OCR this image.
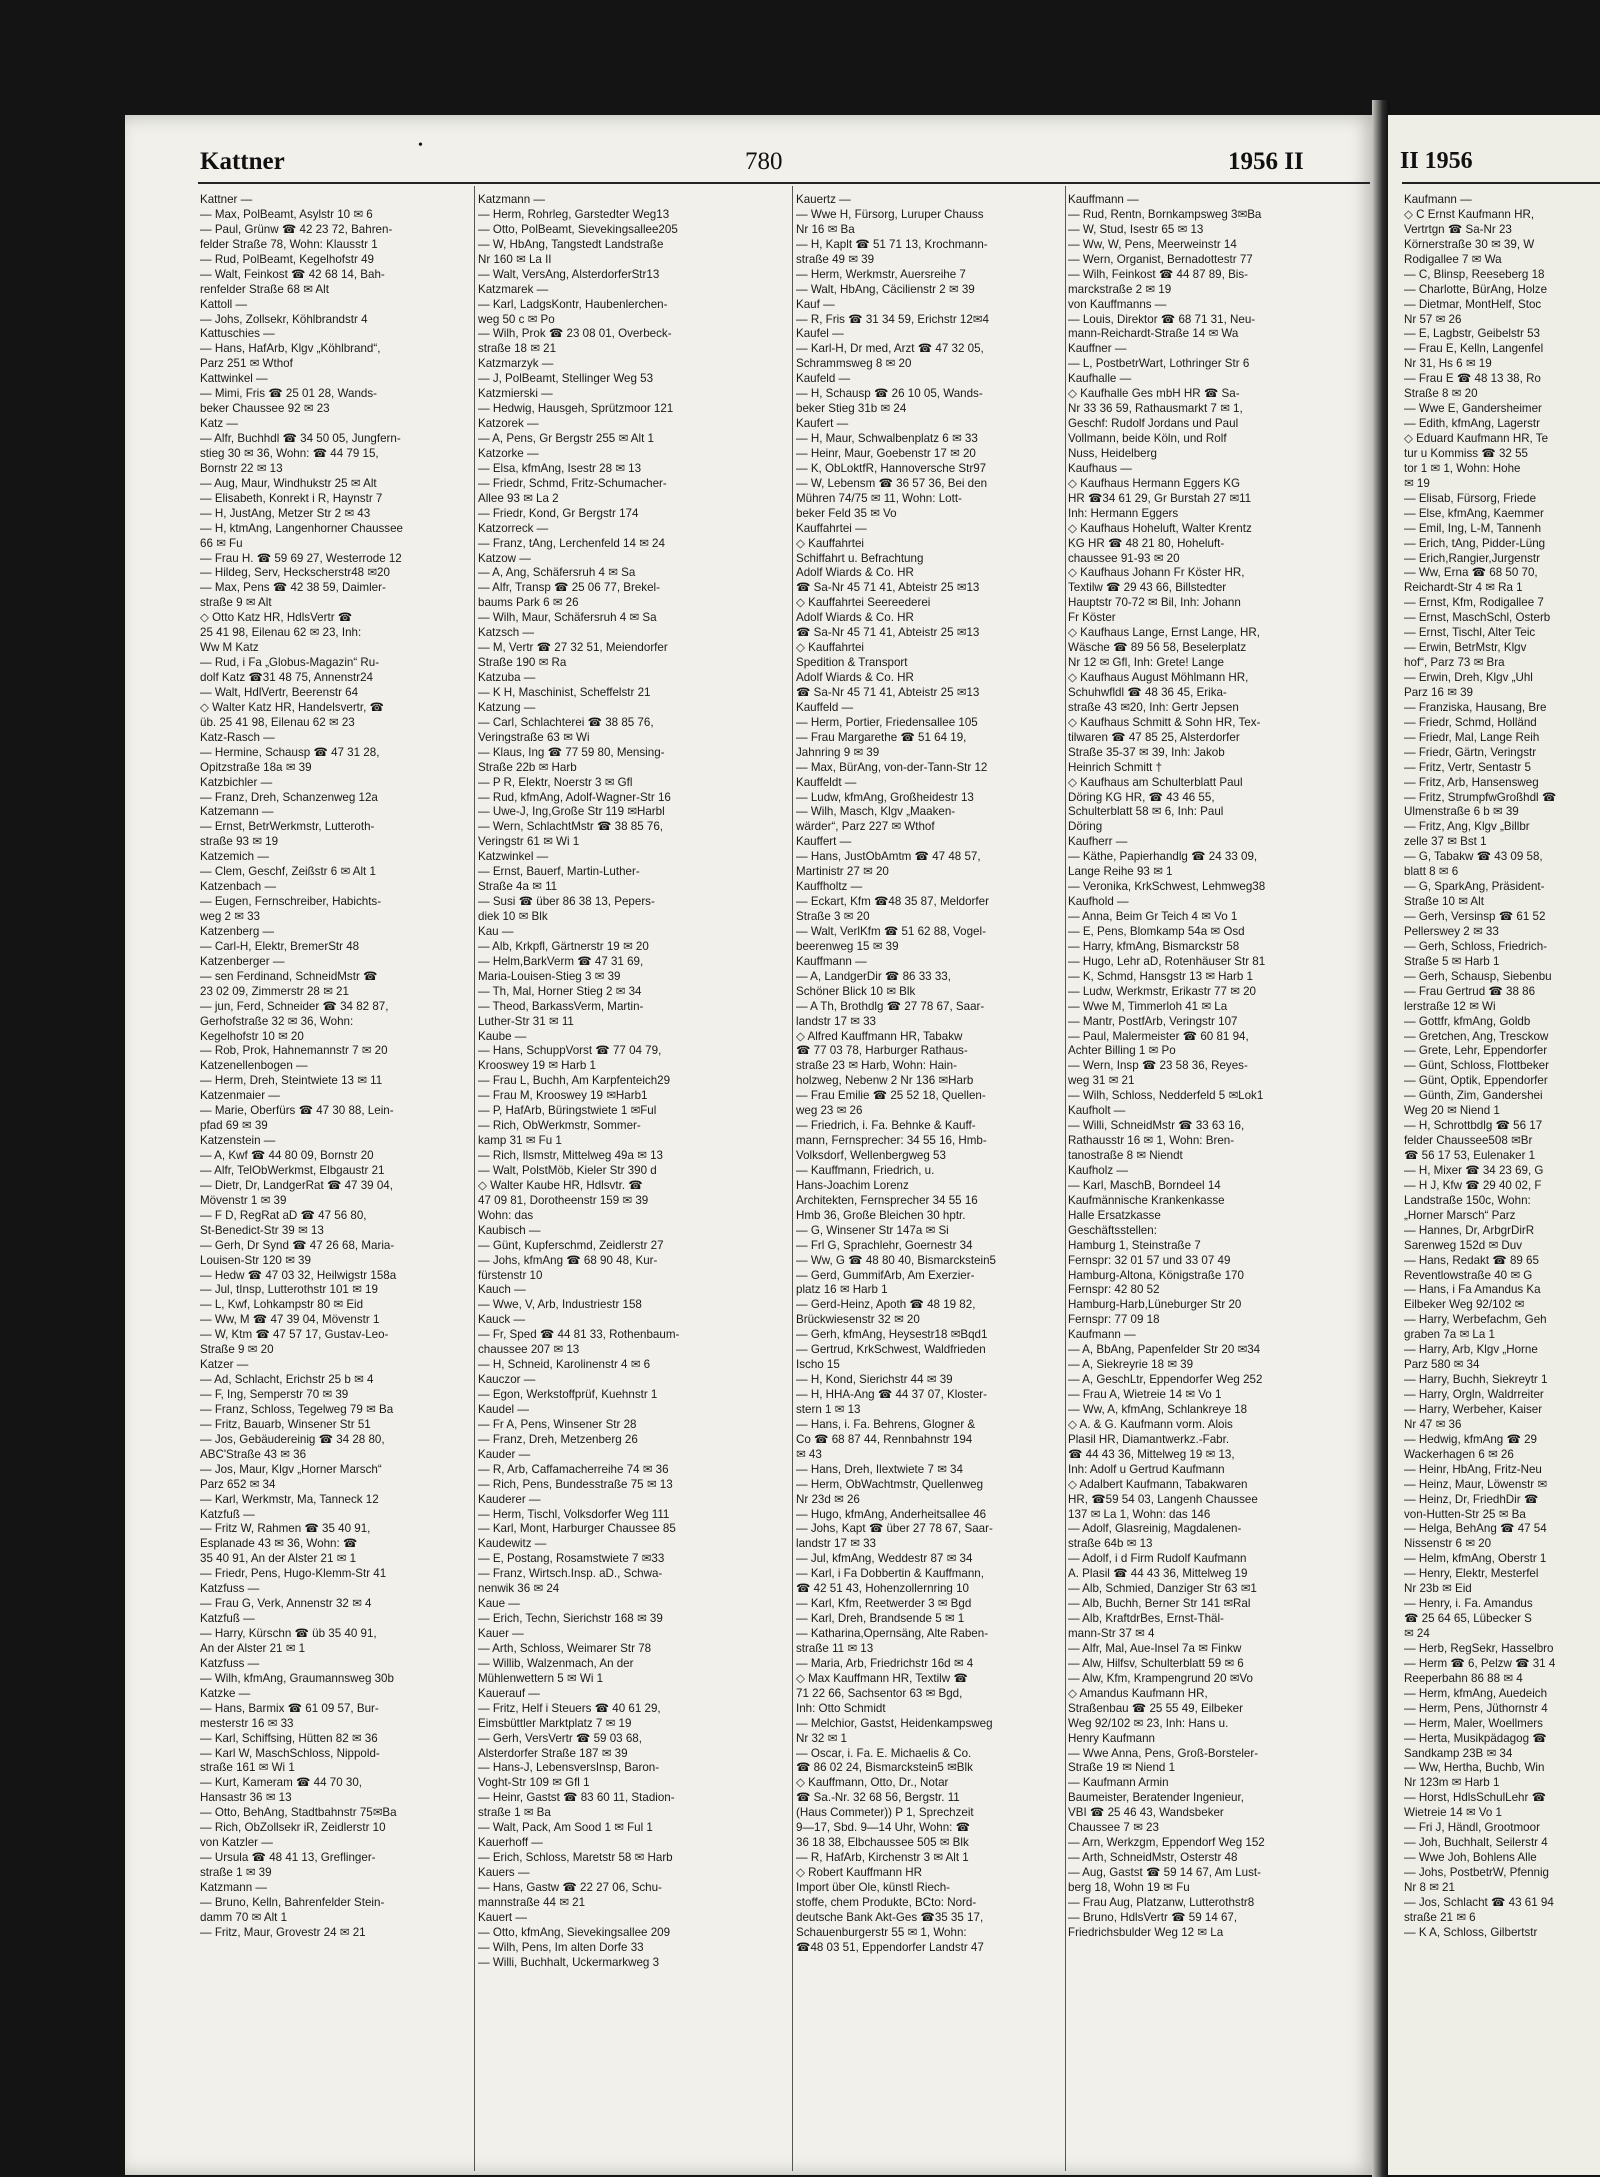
Kattner
•
780	1956 II	II 1956
Kattner —
— Max, PolBeamt, Asylstr 10 ✉ 6
— Paul, Grünw ☎ 42 23 72, Bahren-
felder Straße 78, Wohn: Klausstr 1
— Rud, PolBeamt, Kegelhofstr 49
— Walt, Feinkost ☎ 42 68 14, Bah-
renfelder Straße 68 ✉ Alt
Kattoll —
— Johs, Zollsekr, Köhlbrandstr 4
Kattuschies —
— Hans, HafArb, Klgv „Köhlbrand“,
Parz 251 ✉ Wthof
Kattwinkel —
— Mimi, Fris ☎ 25 01 28, Wands-
beker Chaussee 92 ✉ 23
Katz —
— Alfr, Buchhdl ☎ 34 50 05, Jungfern-
stieg 30 ✉ 36, Wohn: ☎ 44 79 15,
Bornstr 22 ✉ 13
— Aug, Maur, Windhukstr 25 ✉ Alt
— Elisabeth, Konrekt i R, Haynstr 7
— H, JustAng, Metzer Str 2 ✉ 43
— H, ktmAng, Langenhorner Chaussee
66 ✉ Fu
— Frau H. ☎ 59 69 27, Westerrode 12
— Hildeg, Serv, Heckscherstr48 ✉20
— Max, Pens ☎ 42 38 59, Daimler-
straße 9 ✉ Alt
◇ Otto Katz HR, HdlsVertr ☎
25 41 98, Eilenau 62 ✉ 23, Inh:
Ww M Katz
— Rud, i Fa „Globus-Magazin“ Ru-
dolf Katz ☎31 48 75, Annenstr24
— Walt, HdlVertr, Beerenstr 64
◇ Walter Katz HR, Handelsvertr, ☎
üb. 25 41 98, Eilenau 62 ✉ 23
Katz-Rasch —
— Hermine, Schausp ☎ 47 31 28,
Opitzstraße 18a ✉ 39
Katzbichler —
— Franz, Dreh, Schanzenweg 12a
Katzemann —
— Ernst, BetrWerkmstr, Lutteroth-
straße 93 ✉ 19
Katzemich —
— Clem, Geschf, Zeißstr 6 ✉ Alt 1
Katzenbach —
— Eugen, Fernschreiber, Habichts-
weg 2 ✉ 33
Katzenberg —
— Carl-H, Elektr, BremerStr 48
Katzenberger —
— sen Ferdinand, SchneidMstr ☎
23 02 09, Zimmerstr 28 ✉ 21
— jun, Ferd, Schneider ☎ 34 82 87,
Gerhofstraße 32 ✉ 36, Wohn:
Kegelhofstr 10 ✉ 20
— Rob, Prok, Hahnemannstr 7 ✉ 20
Katzenellenbogen —
— Herm, Dreh, Steintwiete 13 ✉ 11
Katzenmaier —
— Marie, Oberfürs ☎ 47 30 88, Lein-
pfad 69 ✉ 39
Katzenstein —
— A, Kwf ☎ 44 80 09, Bornstr 20
— Alfr, TelObWerkmst, Elbgaustr 21
— Dietr, Dr, LandgerRat ☎ 47 39 04,
Mövenstr 1 ✉ 39
— F D, RegRat aD ☎ 47 56 80,
St-Benedict-Str 39 ✉ 13
— Gerh, Dr Synd ☎ 47 26 68, Maria-
Louisen-Str 120 ✉ 39
— Hedw ☎ 47 03 32, Heilwigstr 158a
— Jul, tInsp, Lutterothstr 101 ✉ 19
— L, Kwf, Lohkampstr 80 ✉ Eid
— Ww, M ☎ 47 39 04, Mövenstr 1
— W, Ktm ☎ 47 57 17, Gustav-Leo-
Straße 9 ✉ 20
Katzer —
— Ad, Schlacht, Erichstr 25 b ✉ 4
— F, Ing, Semperstr 70 ✉ 39
— Franz, Schloss, Tegelweg 79 ✉ Ba
— Fritz, Bauarb, Winsener Str 51
— Jos, Gebäudereinig ☎ 34 28 80,
ABC'Straße 43 ✉ 36
— Jos, Maur, Klgv „Horner Marsch“
Parz 652 ✉ 34
— Karl, Werkmstr, Ma, Tanneck 12
Katzfuß —
— Fritz W, Rahmen ☎ 35 40 91,
Esplanade 43 ✉ 36, Wohn: ☎
35 40 91, An der Alster 21 ✉ 1
— Friedr, Pens, Hugo-Klemm-Str 41
Katzfuss —
— Frau G, Verk, Annenstr 32 ✉ 4
Katzfuß —
— Harry, Kürschn ☎ üb 35 40 91,
An der Alster 21 ✉ 1
Katzfuss —
— Wilh, kfmAng, Graumannsweg 30b
Katzke —
— Hans, Barmix ☎ 61 09 57, Bur-
mesterstr 16 ✉ 33
— Karl, Schiffsing, Hütten 82 ✉ 36
— Karl W, MaschSchloss, Nippold-
straße 161 ✉ Wi 1
— Kurt, Kameram ☎ 44 70 30,
Hansastr 36 ✉ 13
— Otto, BehAng, Stadtbahnstr 75✉Ba
— Rich, ObZollsekr iR, Zeidlerstr 10
von Katzler —
— Ursula ☎ 48 41 13, Greflinger-
straße 1 ✉ 39
Katzmann —
— Bruno, Kelln, Bahrenfelder Stein-
damm 70 ✉ Alt 1
— Fritz, Maur, Grovestr 24 ✉ 21
Katzmann —
— Herm, Rohrleg, Garstedter Weg13
— Otto, PolBeamt, Sievekingsallee205
— W, HbAng, Tangstedt Landstraße
Nr 160 ✉ La II
— Walt, VersAng, AlsterdorferStr13
Katzmarek —
— Karl, LadgsKontr, Haubenlerchen-
weg 50 c ✉ Po
— Wilh, Prok ☎ 23 08 01, Overbeck-
straße 18 ✉ 21
Katzmarzyk —
— J, PolBeamt, Stellinger Weg 53
Katzmierski —
— Hedwig, Hausgeh, Sprützmoor 121
Katzorek —
— A, Pens, Gr Bergstr 255 ✉ Alt 1
Katzorke —
— Elsa, kfmAng, Isestr 28 ✉ 13
— Friedr, Schmd, Fritz-Schumacher-
Allee 93 ✉ La 2
— Friedr, Kond, Gr Bergstr 174
Katzorreck —
— Franz, tAng, Lerchenfeld 14 ✉ 24
Katzow —
— A, Ang, Schäfersruh 4 ✉ Sa
— Alfr, Transp ☎ 25 06 77, Brekel-
baums Park 6 ✉ 26
— Wilh, Maur, Schäfersruh 4 ✉ Sa
Katzsch —
— M, Vertr ☎ 27 32 51, Meiendorfer
Straße 190 ✉ Ra
Katzuba —
— K H, Maschinist, Scheffelstr 21
Katzung —
— Carl, Schlachterei ☎ 38 85 76,
Veringstraße 63 ✉ Wi
— Klaus, Ing ☎ 77 59 80, Mensing-
Straße 22b ✉ Harb
— P R, Elektr, Noerstr 3 ✉ Gfl
— Rud, kfmAng, Adolf-Wagner-Str 16
— Uwe-J, Ing,Große Str 119 ✉Harbl
— Wern, SchlachtMstr ☎ 38 85 76,
Veringstr 61 ✉ Wi 1
Katzwinkel —
— Ernst, Bauerf, Martin-Luther-
Straße 4a ✉ 11
— Susi ☎ über 86 38 13, Pepers-
diek 10 ✉ Blk
Kau —
— Alb, Krkpfl, Gärtnerstr 19 ✉ 20
— Helm,BarkVerm ☎ 47 31 69,
Maria-Louisen-Stieg 3 ✉ 39
— Th, Mal, Horner Stieg 2 ✉ 34
— Theod, BarkassVerm, Martin-
Luther-Str 31 ✉ 11
Kaube —
— Hans, SchuppVorst ☎ 77 04 79,
Krooswey 19 ✉ Harb 1
— Frau L, Buchh, Am Karpfenteich29
— Frau M, Krooswey 19 ✉Harb1
— P, HafArb, Büringstwiete 1 ✉Ful
— Rich, ObWerkmstr, Sommer-
kamp 31 ✉ Fu 1
— Rich, Ilsmstr, Mittelweg 49a ✉ 13
— Walt, PolstMöb, Kieler Str 390 d
◇ Walter Kaube HR, Hdlsvtr. ☎
47 09 81, Dorotheenstr 159 ✉ 39
Wohn: das
Kaubisch —
— Günt, Kupferschmd, Zeidlerstr 27
— Johs, kfmAng ☎ 68 90 48, Kur-
fürstenstr 10
Kauch —
— Wwe, V, Arb, Industriestr 158
Kauck —
— Fr, Sped ☎ 44 81 33, Rothenbaum-
chaussee 207 ✉ 13
— H, Schneid, Karolinenstr 4 ✉ 6
Kauczor —
— Egon, Werkstoffprüf, Kuehnstr 1
Kaudel —
— Fr A, Pens, Winsener Str 28
— Franz, Dreh, Metzenberg 26
Kauder —
— R, Arb, Caffamacherreihe 74 ✉ 36
— Rich, Pens, Bundesstraße 75 ✉ 13
Kauderer —
— Herm, Tischl, Volksdorfer Weg 111
— Karl, Mont, Harburger Chaussee 85
Kaudewitz —
— E, Postang, Rosamstwiete 7 ✉33
— Franz, Wirtsch.Insp. aD., Schwa-
nenwik 36 ✉ 24
Kaue —
— Erich, Techn, Sierichstr 168 ✉ 39
Kauer —
— Arth, Schloss, Weimarer Str 78
— Willib, Walzenmach, An der
Mühlenwettern 5 ✉ Wi 1
Kauerauf —
— Fritz, Helf i Steuers ☎ 40 61 29,
Eimsbüttler Marktplatz 7 ✉ 19
— Gerh, VersVertr ☎ 59 03 68,
Alsterdorfer Straße 187 ✉ 39
— Hans-J, LebensversInsp, Baron-
Voght-Str 109 ✉ Gfl 1
— Heinr, Gastst ☎ 83 60 11, Stadion-
straße 1 ✉ Ba
— Walt, Pack, Am Sood 1 ✉ Ful 1
Kauerhoff —
— Erich, Schloss, Maretstr 58 ✉ Harb
Kauers —
— Hans, Gastw ☎ 22 27 06, Schu-
mannstraße 44 ✉ 21
Kauert —
— Otto, kfmAng, Sievekingsallee 209
— Wilh, Pens, Im alten Dorfe 33
— Willi, Buchhalt, Uckermarkweg 3
Kauertz —
— Wwe H, Fürsorg, Luruper Chauss
Nr 16 ✉ Ba
— H, Kaplt ☎ 51 71 13, Krochmann-
straße 49 ✉ 39
— Herm, Werkmstr, Auersreihe 7
— Walt, HbAng, Cäcilienstr 2 ✉ 39
Kauf —
— R, Fris ☎ 31 34 59, Erichstr 12✉4
Kaufel —
— Karl-H, Dr med, Arzt ☎ 47 32 05,
Schrammsweg 8 ✉ 20
Kaufeld —
— H, Schausp ☎ 26 10 05, Wands-
beker Stieg 31b ✉ 24
Kaufert —
— H, Maur, Schwalbenplatz 6 ✉ 33
— Heinr, Maur, Goebenstr 17 ✉ 20
— K, ObLoktfR, Hannoversche Str97
— W, Lebensm ☎ 36 57 36, Bei den
Mühren 74/75 ✉ 11, Wohn: Lott-
beker Feld 35 ✉ Vo
Kauffahrtei —
◇ Kauffahrtei
Schiffahrt u. Befrachtung
Adolf Wiards & Co. HR
☎ Sa-Nr 45 71 41, Abteistr 25 ✉13
◇ Kauffahrtei Seereederei
Adolf Wiards & Co. HR
☎ Sa-Nr 45 71 41, Abteistr 25 ✉13
◇ Kauffahrtei
Spedition & Transport
Adolf Wiards & Co. HR
☎ Sa-Nr 45 71 41, Abteistr 25 ✉13
Kauffeld —
— Herm, Portier, Friedensallee 105
— Frau Margarethe ☎ 51 64 19,
Jahnring 9 ✉ 39
— Max, BürAng, von-der-Tann-Str 12
Kauffeldt —
— Ludw, kfmAng, Großheidestr 13
— Wilh, Masch, Klgv „Maaken-
wärder“, Parz 227 ✉ Wthof
Kauffert —
— Hans, JustObAmtm ☎ 47 48 57,
Martinistr 27 ✉ 20
Kauffholtz —
— Eckart, Kfm ☎48 35 87, Meldorfer
Straße 3 ✉ 20
— Walt, VerlKfm ☎ 51 62 88, Vogel-
beerenweg 15 ✉ 39
Kauffmann —
— A, LandgerDir ☎ 86 33 33,
Schöner Blick 10 ✉ Blk
— A Th, Brothdlg ☎ 27 78 67, Saar-
landstr 17 ✉ 33
◇ Alfred Kauffmann HR, Tabakw
☎ 77 03 78, Harburger Rathaus-
straße 23 ✉ Harb, Wohn: Hain-
holzweg, Nebenw 2 Nr 136 ✉Harb
— Frau Emilie ☎ 25 52 18, Quellen-
weg 23 ✉ 26
— Friedrich, i. Fa. Behnke & Kauff-
mann, Fernsprecher: 34 55 16, Hmb-
Volksdorf, Wellenbergweg 53
— Kauffmann, Friedrich, u.
Hans-Joachim Lorenz
Architekten, Fernsprecher 34 55 16
Hmb 36, Große Bleichen 30 hptr.
— G, Winsener Str 147a ✉ Si
— Frl G, Sprachlehr, Goernestr 34
— Ww, G ☎ 48 80 40, Bismarckstein5
— Gerd, GummifArb, Am Exerzier-
platz 16 ✉ Harb 1
— Gerd-Heinz, Apoth ☎ 48 19 82,
Brückwiesenstr 32 ✉ 20
— Gerh, kfmAng, Heysestr18 ✉Bqd1
— Gertrud, KrkSchwest, Waldfrieden
Ischo 15
— H, Kond, Sierichstr 44 ✉ 39
— H, HHA-Ang ☎ 44 37 07, Kloster-
stern 1 ✉ 13
— Hans, i. Fa. Behrens, Glogner &
Co ☎ 68 87 44, Rennbahnstr 194
✉ 43
— Hans, Dreh, Ilextwiete 7 ✉ 34
— Herm, ObWachtmstr, Quellenweg
Nr 23d ✉ 26
— Hugo, kfmAng, Anderheitsallee 46
— Johs, Kapt ☎ über 27 78 67, Saar-
landstr 17 ✉ 33
— Jul, kfmAng, Weddestr 87 ✉ 34
— Karl, i Fa Dobbertin & Kauffmann,
☎ 42 51 43, Hohenzollernring 10
— Karl, Kfm, Reetwerder 3 ✉ Bgd
— Karl, Dreh, Brandsende 5 ✉ 1
— Katharina,Opernsäng, Alte Raben-
straße 11 ✉ 13
— Maria, Arb, Friedrichstr 16d ✉ 4
◇ Max Kauffmann HR, Textilw ☎
71 22 66, Sachsentor 63 ✉ Bgd,
Inh: Otto Schmidt
— Melchior, Gastst, Heidenkampsweg
Nr 32 ✉ 1
— Oscar, i. Fa. E. Michaelis & Co.
☎ 86 02 24, Bismarckstein5 ✉Blk
◇ Kauffmann, Otto, Dr., Notar
☎ Sa.-Nr. 32 68 56, Bergstr. 11
(Haus Commeter)) P 1, Sprechzeit
9—17, Sbd. 9—14 Uhr, Wohn: ☎
36 18 38, Elbchaussee 505 ✉ Blk
— R, HafArb, Kirchenstr 3 ✉ Alt 1
◇ Robert Kauffmann HR
Import über Ole, künstl Riech-
stoffe, chem Produkte, BCto: Nord-
deutsche Bank Akt-Ges ☎35 35 17,
Schauenburgerstr 55 ✉ 1, Wohn:
☎48 03 51, Eppendorfer Landstr 47
Kauffmann —
— Rud, Rentn, Bornkampsweg 3✉Ba
— W, Stud, Isestr 65 ✉ 13
— Ww, W, Pens, Meerweinstr 14
— Wern, Organist, Bernadottestr 77
— Wilh, Feinkost ☎ 44 87 89, Bis-
marckstraße 2 ✉ 19
von Kauffmanns —
— Louis, Direktor ☎ 68 71 31, Neu-
mann-Reichardt-Straße 14 ✉ Wa
Kauffner —
— L, PostbetrWart, Lothringer Str 6
Kaufhalle —
◇ Kaufhalle Ges mbH HR ☎ Sa-
Nr 33 36 59, Rathausmarkt 7 ✉ 1,
Geschf: Rudolf Jordans und Paul
Vollmann, beide Köln, und Rolf
Nuss, Heidelberg
Kaufhaus —
◇ Kaufhaus Hermann Eggers KG
HR ☎34 61 29, Gr Burstah 27 ✉11
Inh: Hermann Eggers
◇ Kaufhaus Hoheluft, Walter Krentz
KG HR ☎ 48 21 80, Hoheluft-
chaussee 91-93 ✉ 20
◇ Kaufhaus Johann Fr Köster HR,
Textilw ☎ 29 43 66, Billstedter
Hauptstr 70-72 ✉ Bil, Inh: Johann
Fr Köster
◇ Kaufhaus Lange, Ernst Lange, HR,
Wäsche ☎ 89 56 58, Beselerplatz
Nr 12 ✉ Gfl, Inh: Grete! Lange
◇ Kaufhaus August Möhlmann HR,
Schuhwfldl ☎ 48 36 45, Erika-
straße 43 ✉20, Inh: Gertr Jepsen
◇ Kaufhaus Schmitt & Sohn HR, Tex-
tilwaren ☎ 47 85 25, Alsterdorfer
Straße 35-37 ✉ 39, Inh: Jakob
Heinrich Schmitt †
◇ Kaufhaus am Schulterblatt Paul
Döring KG HR, ☎ 43 46 55,
Schulterblatt 58 ✉ 6, Inh: Paul
Döring
Kaufherr —
— Käthe, Papierhandlg ☎ 24 33 09,
Lange Reihe 93 ✉ 1
— Veronika, KrkSchwest, Lehmweg38
Kaufhold —
— Anna, Beim Gr Teich 4 ✉ Vo 1
— E, Pens, Blomkamp 54a ✉ Osd
— Harry, kfmAng, Bismarckstr 58
— Hugo, Lehr aD, Rotenhäuser Str 81
— K, Schmd, Hansgstr 13 ✉ Harb 1
— Ludw, Werkmstr, Erikastr 77 ✉ 20
— Wwe M, Timmerloh 41 ✉ La
— Mantr, PostfArb, Veringstr 107
— Paul, Malermeister ☎ 60 81 94,
Achter Billing 1 ✉ Po
— Wern, Insp ☎ 23 58 36, Reyes-
weg 31 ✉ 21
— Wilh, Schloss, Nedderfeld 5 ✉Lok1
Kaufholt —
— Willi, SchneidMstr ☎ 33 63 16,
Rathausstr 16 ✉ 1, Wohn: Bren-
tanostraße 8 ✉ Niendt
Kaufholz —
— Karl, MaschB, Borndeel 14
Kaufmännische Krankenkasse
Halle Ersatzkasse
Geschäftsstellen:
Hamburg 1, Steinstraße 7
Fernspr: 32 01 57 und 33 07 49
Hamburg-Altona, Königstraße 170
Fernspr: 42 80 52
Hamburg-Harb,Lüneburger Str 20
Fernspr: 77 09 18
Kaufmann —
— A, BbAng, Papenfelder Str 20 ✉34
— A, Siekreyrie 18 ✉ 39
— A, GeschLtr, Eppendorfer Weg 252
— Frau A, Wietreie 14 ✉ Vo 1
— Ww, A, kfmAng, Schlankreye 18
◇ A. & G. Kaufmann vorm. Alois
Plasil HR, Diamantwerkz.-Fabr.
☎ 44 43 36, Mittelweg 19 ✉ 13,
Inh: Adolf u Gertrud Kaufmann
◇ Adalbert Kaufmann, Tabakwaren
HR, ☎59 54 03, Langenh Chaussee
137 ✉ La 1, Wohn: das 146
— Adolf, Glasreinig, Magdalenen-
straße 64b ✉ 13
— Adolf, i d Firm Rudolf Kaufmann
A. Plasil ☎ 44 43 36, Mittelweg 19
— Alb, Schmied, Danziger Str 63 ✉1
— Alb, Buchh, Berner Str 141 ✉Ral
— Alb, KraftdrBes, Ernst-Thäl-
mann-Str 37 ✉ 4
— Alfr, Mal, Aue-Insel 7a ✉ Finkw
— Alw, Hilfsv, Schulterblatt 59 ✉ 6
— Alw, Kfm, Krampengrund 20 ✉Vo
◇ Amandus Kaufmann HR,
Straßenbau ☎ 25 55 49, Eilbeker
Weg 92/102 ✉ 23, Inh: Hans u.
Henry Kaufmann
— Wwe Anna, Pens, Groß-Borsteler-
Straße 19 ✉ Niend 1
— Kaufmann Armin
Baumeister, Beratender Ingenieur,
VBI ☎ 25 46 43, Wandsbeker
Chaussee 7 ✉ 23
— Arn, Werkzgm, Eppendorf Weg 152
— Arth, SchneidMstr, Osterstr 48
— Aug, Gastst ☎ 59 14 67, Am Lust-
berg 18, Wohn 19 ✉ Fu
— Frau Aug, Platzanw, Lutterothstr8
— Bruno, HdlsVertr ☎ 59 14 67,
Friedrichsbulder Weg 12 ✉ La
Kaufmann —
◇ C Ernst Kaufmann HR,
Vertrtgn ☎ Sa-Nr 23
Körnerstraße 30 ✉ 39, W
Rodigallee 7 ✉ Wa
— C, Blinsp, Reeseberg 18
— Charlotte, BürAng, Holze
— Dietmar, MontHelf, Stoc
Nr 57 ✉ 26
— E, Lagbstr, Geibelstr 53
— Frau E, Kelln, Langenfel
Nr 31, Hs 6 ✉ 19
— Frau E ☎ 48 13 38, Ro
Straße 8 ✉ 20
— Wwe E, Gandersheimer
— Edith, kfmAng, Lagerstr
◇ Eduard Kaufmann HR, Te
tur u Kommiss ☎ 32 55
tor 1 ✉ 1, Wohn: Hohe
✉ 19
— Elisab, Fürsorg, Friede
— Else, kfmAng, Kaemmer
— Emil, Ing, L-M, Tannenh
— Erich, tAng, Pidder-Lüng
— Erich,Rangier,Jurgenstr
— Ww, Erna ☎ 68 50 70,
Reichardt-Str 4 ✉ Ra 1
— Ernst, Kfm, Rodigallee 7
— Ernst, MaschSchl, Osterb
— Ernst, Tischl, Alter Teic
— Erwin, BetrMstr, Klgv
hof“, Parz 73 ✉ Bra
— Erwin, Dreh, Klgv „Uhl
Parz 16 ✉ 39
— Franziska, Hausang, Bre
— Friedr, Schmd, Holländ
— Friedr, Mal, Lange Reih
— Friedr, Gärtn, Veringstr
— Fritz, Vertr, Sentastr 5
— Fritz, Arb, Hansensweg
— Fritz, StrumpfwGroßhdl ☎
Ulmenstraße 6 b ✉ 39
— Fritz, Ang, Klgv „Billbr
zelle 37 ✉ Bst 1
— G, Tabakw ☎ 43 09 58,
blatt 8 ✉ 6
— G, SparkAng, Präsident-
Straße 10 ✉ Alt
— Gerh, Versinsp ☎ 61 52
Pellerswey 2 ✉ 33
— Gerh, Schloss, Friedrich-
Straße 5 ✉ Harb 1
— Gerh, Schausp, Siebenbu
— Frau Gertrud ☎ 38 86
lerstraße 12 ✉ Wi
— Gottfr, kfmAng, Goldb
— Gretchen, Ang, Tresckow
— Grete, Lehr, Eppendorfer
— Günt, Schloss, Flottbeker
— Günt, Optik, Eppendorfer
— Günth, Zim, Gandershei
Weg 20 ✉ Niend 1
— H, Schrottbdlg ☎ 56 17
felder Chaussee508 ✉Br
☎ 56 17 53, Eulenaker 1
— H, Mixer ☎ 34 23 69, G
— H J, Kfw ☎ 29 40 02, F
Landstraße 150c, Wohn:
„Horner Marsch“ Parz
— Hannes, Dr, ArbgrDirR
Sarenweg 152d ✉ Duv
— Hans, Redakt ☎ 89 65
Reventlowstraße 40 ✉ G
— Hans, i Fa Amandus Ka
Eilbeker Weg 92/102 ✉
— Harry, Werbefachm, Geh
graben 7a ✉ La 1
— Harry, Arb, Klgv „Horne
Parz 580 ✉ 34
— Harry, Buchh, Siekreytr 1
— Harry, Orgln, Waldrreiter
— Harry, Werbeher, Kaiser
Nr 47 ✉ 36
— Hedwig, kfmAng ☎ 29
Wackerhagen 6 ✉ 26
— Heinr, HbAng, Fritz-Neu
— Heinz, Maur, Löwenstr ✉
— Heinz, Dr, FriedhDir ☎
von-Hutten-Str 25 ✉ Ba
— Helga, BehAng ☎ 47 54
Nissenstr 6 ✉ 20
— Helm, kfmAng, Oberstr 1
— Henry, Elektr, Mesterfel
Nr 23b ✉ Eid
— Henry, i. Fa. Amandus
☎ 25 64 65, Lübecker S
✉ 24
— Herb, RegSekr, Hasselbro
— Herm ☎ 6, Pelzw ☎ 31 4
Reeperbahn 86 88 ✉ 4
— Herm, kfmAng, Auedeich
— Herm, Pens, Jüthornstr 4
— Herm, Maler, Woellmers
— Herta, Musikpädagog ☎
Sandkamp 23B ✉ 34
— Ww, Hertha, Buchb, Win
Nr 123m ✉ Harb 1
— Horst, HdlsSchulLehr ☎
Wietreie 14 ✉ Vo 1
— Fri J, Händl, Grootmoor
— Joh, Buchhalt, Seilerstr 4
— Wwe Joh, Bohlens Alle
— Johs, PostbetrW, Pfennig
Nr 8 ✉ 21
— Jos, Schlacht ☎ 43 61 94
straße 21 ✉ 6
— K A, Schloss, Gilbertstr
